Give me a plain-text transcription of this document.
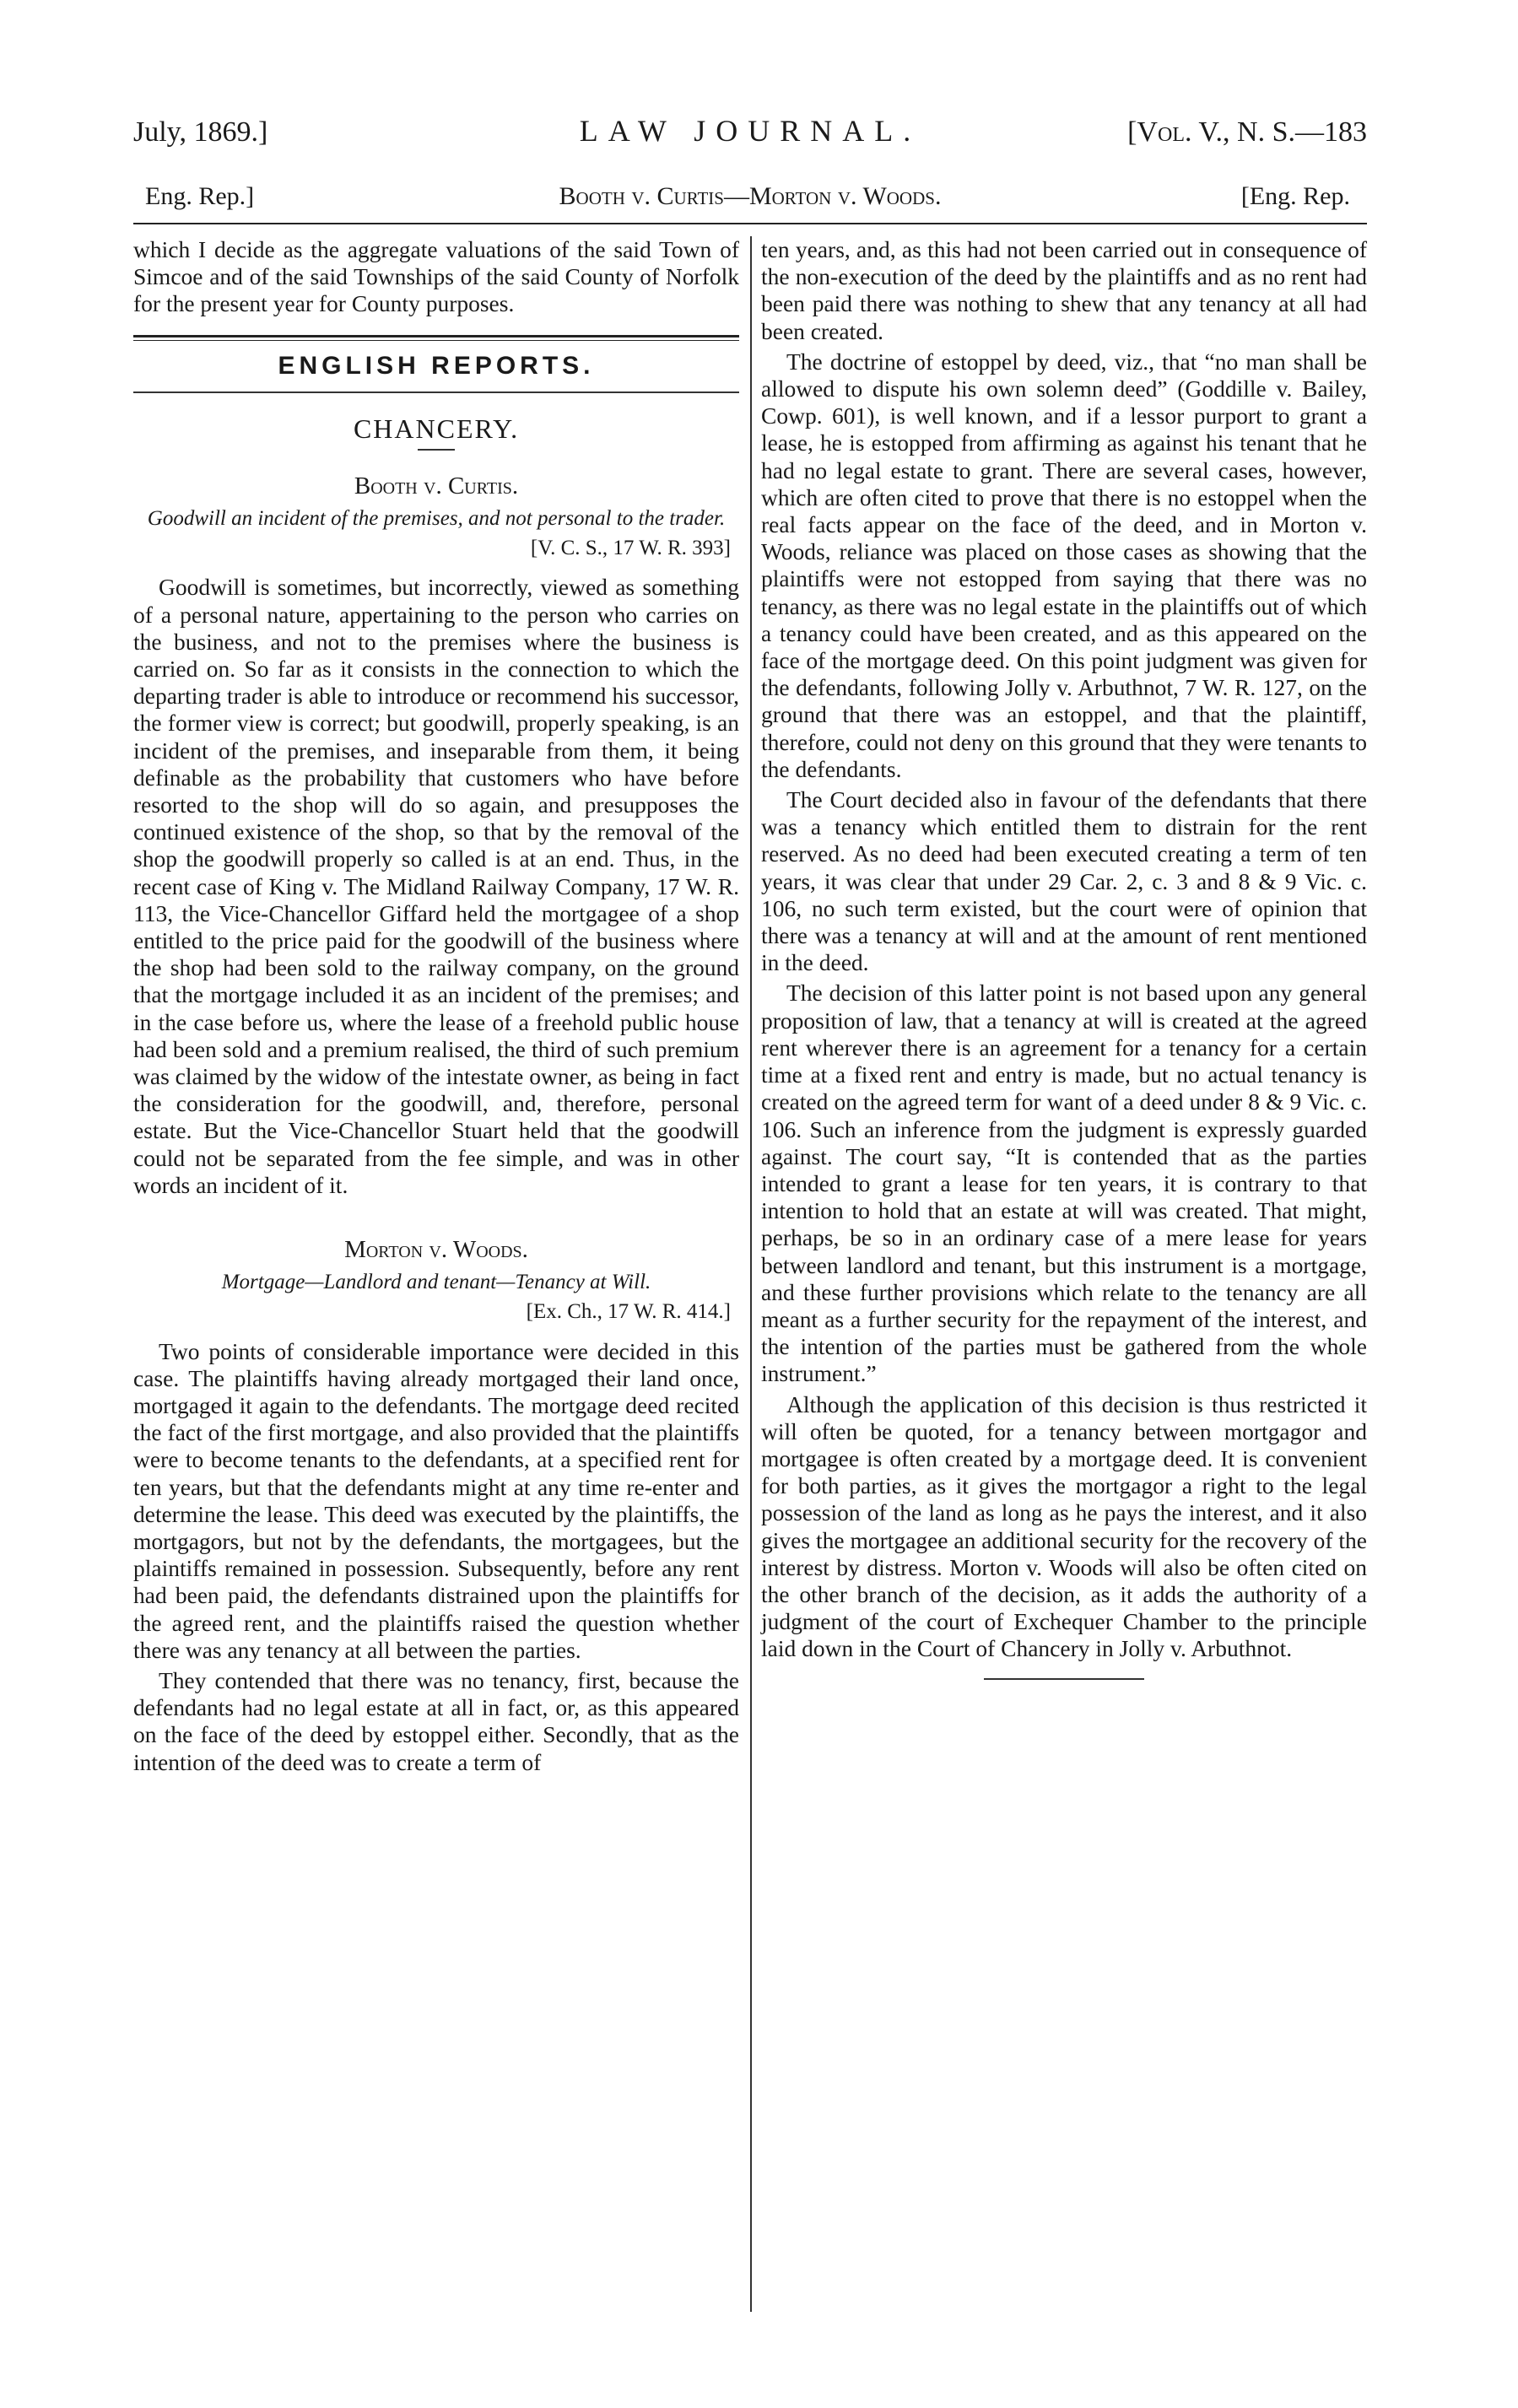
July, 1869.]	LAW JOURNAL.	[Vol. V., N. S.—183
Eng. Rep.]	Booth v. Curtis—Morton v. Woods.	[Eng. Rep.

which I decide as the aggregate valuations of the said Town of Simcoe and of the said Townships of the said County of Norfolk for the present year for County purposes.

ENGLISH REPORTS.
CHANCERY.
Booth v. Curtis.
Goodwill an incident of the premises, and not personal to the trader.
[V. C. S., 17 W. R. 393]

Goodwill is sometimes, but incorrectly, viewed as something of a personal nature, appertaining to the person who carries on the business, and not to the premises where the business is carried on. So far as it consists in the connection to which the departing trader is able to introduce or recommend his successor, the former view is correct; but goodwill, properly speaking, is an incident of the premises, and inseparable from them, it being definable as the probability that customers who have before resorted to the shop will do so again, and presupposes the continued existence of the shop, so that by the removal of the shop the goodwill properly so called is at an end. Thus, in the recent case of King v. The Midland Railway Company, 17 W. R. 113, the Vice-Chancellor Giffard held the mortgagee of a shop entitled to the price paid for the goodwill of the business where the shop had been sold to the railway company, on the ground that the mortgage included it as an incident of the premises; and in the case before us, where the lease of a freehold public house had been sold and a premium realised, the third of such premium was claimed by the widow of the intestate owner, as being in fact the consideration for the goodwill, and, therefore, personal estate. But the Vice-Chancellor Stuart held that the goodwill could not be separated from the fee simple, and was in other words an incident of it.

Morton v. Woods.
Mortgage—Landlord and tenant—Tenancy at Will.
[Ex. Ch., 17 W. R. 414.]

Two points of considerable importance were decided in this case. The plaintiffs having already mortgaged their land once, mortgaged it again to the defendants. The mortgage deed recited the fact of the first mortgage, and also provided that the plaintiffs were to become tenants to the defendants, at a specified rent for ten years, but that the defendants might at any time re-enter and determine the lease. This deed was executed by the plaintiffs, the mortgagors, but not by the defendants, the mortgagees, but the plaintiffs remained in possession. Subsequently, before any rent had been paid, the defendants distrained upon the plaintiffs for the agreed rent, and the plaintiffs raised the question whether there was any tenancy at all between the parties.

They contended that there was no tenancy, first, because the defendants had no legal estate at all in fact, or, as this appeared on the face of the deed by estoppel either. Secondly, that as the intention of the deed was to create a term of

ten years, and, as this had not been carried out in consequence of the non-execution of the deed by the plaintiffs and as no rent had been paid there was nothing to shew that any tenancy at all had been created.

The doctrine of estoppel by deed, viz., that “no man shall be allowed to dispute his own solemn deed” (Goddille v. Bailey, Cowp. 601), is well known, and if a lessor purport to grant a lease, he is estopped from affirming as against his tenant that he had no legal estate to grant. There are several cases, however, which are often cited to prove that there is no estoppel when the real facts appear on the face of the deed, and in Morton v. Woods, reliance was placed on those cases as showing that the plaintiffs were not estopped from saying that there was no tenancy, as there was no legal estate in the plaintiffs out of which a tenancy could have been created, and as this appeared on the face of the mortgage deed. On this point judgment was given for the defendants, following Jolly v. Arbuthnot, 7 W. R. 127, on the ground that there was an estoppel, and that the plaintiff, therefore, could not deny on this ground that they were tenants to the defendants.

The Court decided also in favour of the defendants that there was a tenancy which entitled them to distrain for the rent reserved. As no deed had been executed creating a term of ten years, it was clear that under 29 Car. 2, c. 3 and 8 & 9 Vic. c. 106, no such term existed, but the court were of opinion that there was a tenancy at will and at the amount of rent mentioned in the deed.

The decision of this latter point is not based upon any general proposition of law, that a tenancy at will is created at the agreed rent wherever there is an agreement for a tenancy for a certain time at a fixed rent and entry is made, but no actual tenancy is created on the agreed term for want of a deed under 8 & 9 Vic. c. 106. Such an inference from the judgment is expressly guarded against. The court say, “It is contended that as the parties intended to grant a lease for ten years, it is contrary to that intention to hold that an estate at will was created. That might, perhaps, be so in an ordinary case of a mere lease for years between landlord and tenant, but this instrument is a mortgage, and these further provisions which relate to the tenancy are all meant as a further security for the repayment of the interest, and the intention of the parties must be gathered from the whole instrument.”

Although the application of this decision is thus restricted it will often be quoted, for a tenancy between mortgagor and mortgagee is often created by a mortgage deed. It is convenient for both parties, as it gives the mortgagor a right to the legal possession of the land as long as he pays the interest, and it also gives the mortgagee an additional security for the recovery of the interest by distress. Morton v. Woods will also be often cited on the other branch of the decision, as it adds the authority of a judgment of the court of Exchequer Chamber to the principle laid down in the Court of Chancery in Jolly v. Arbuthnot.
